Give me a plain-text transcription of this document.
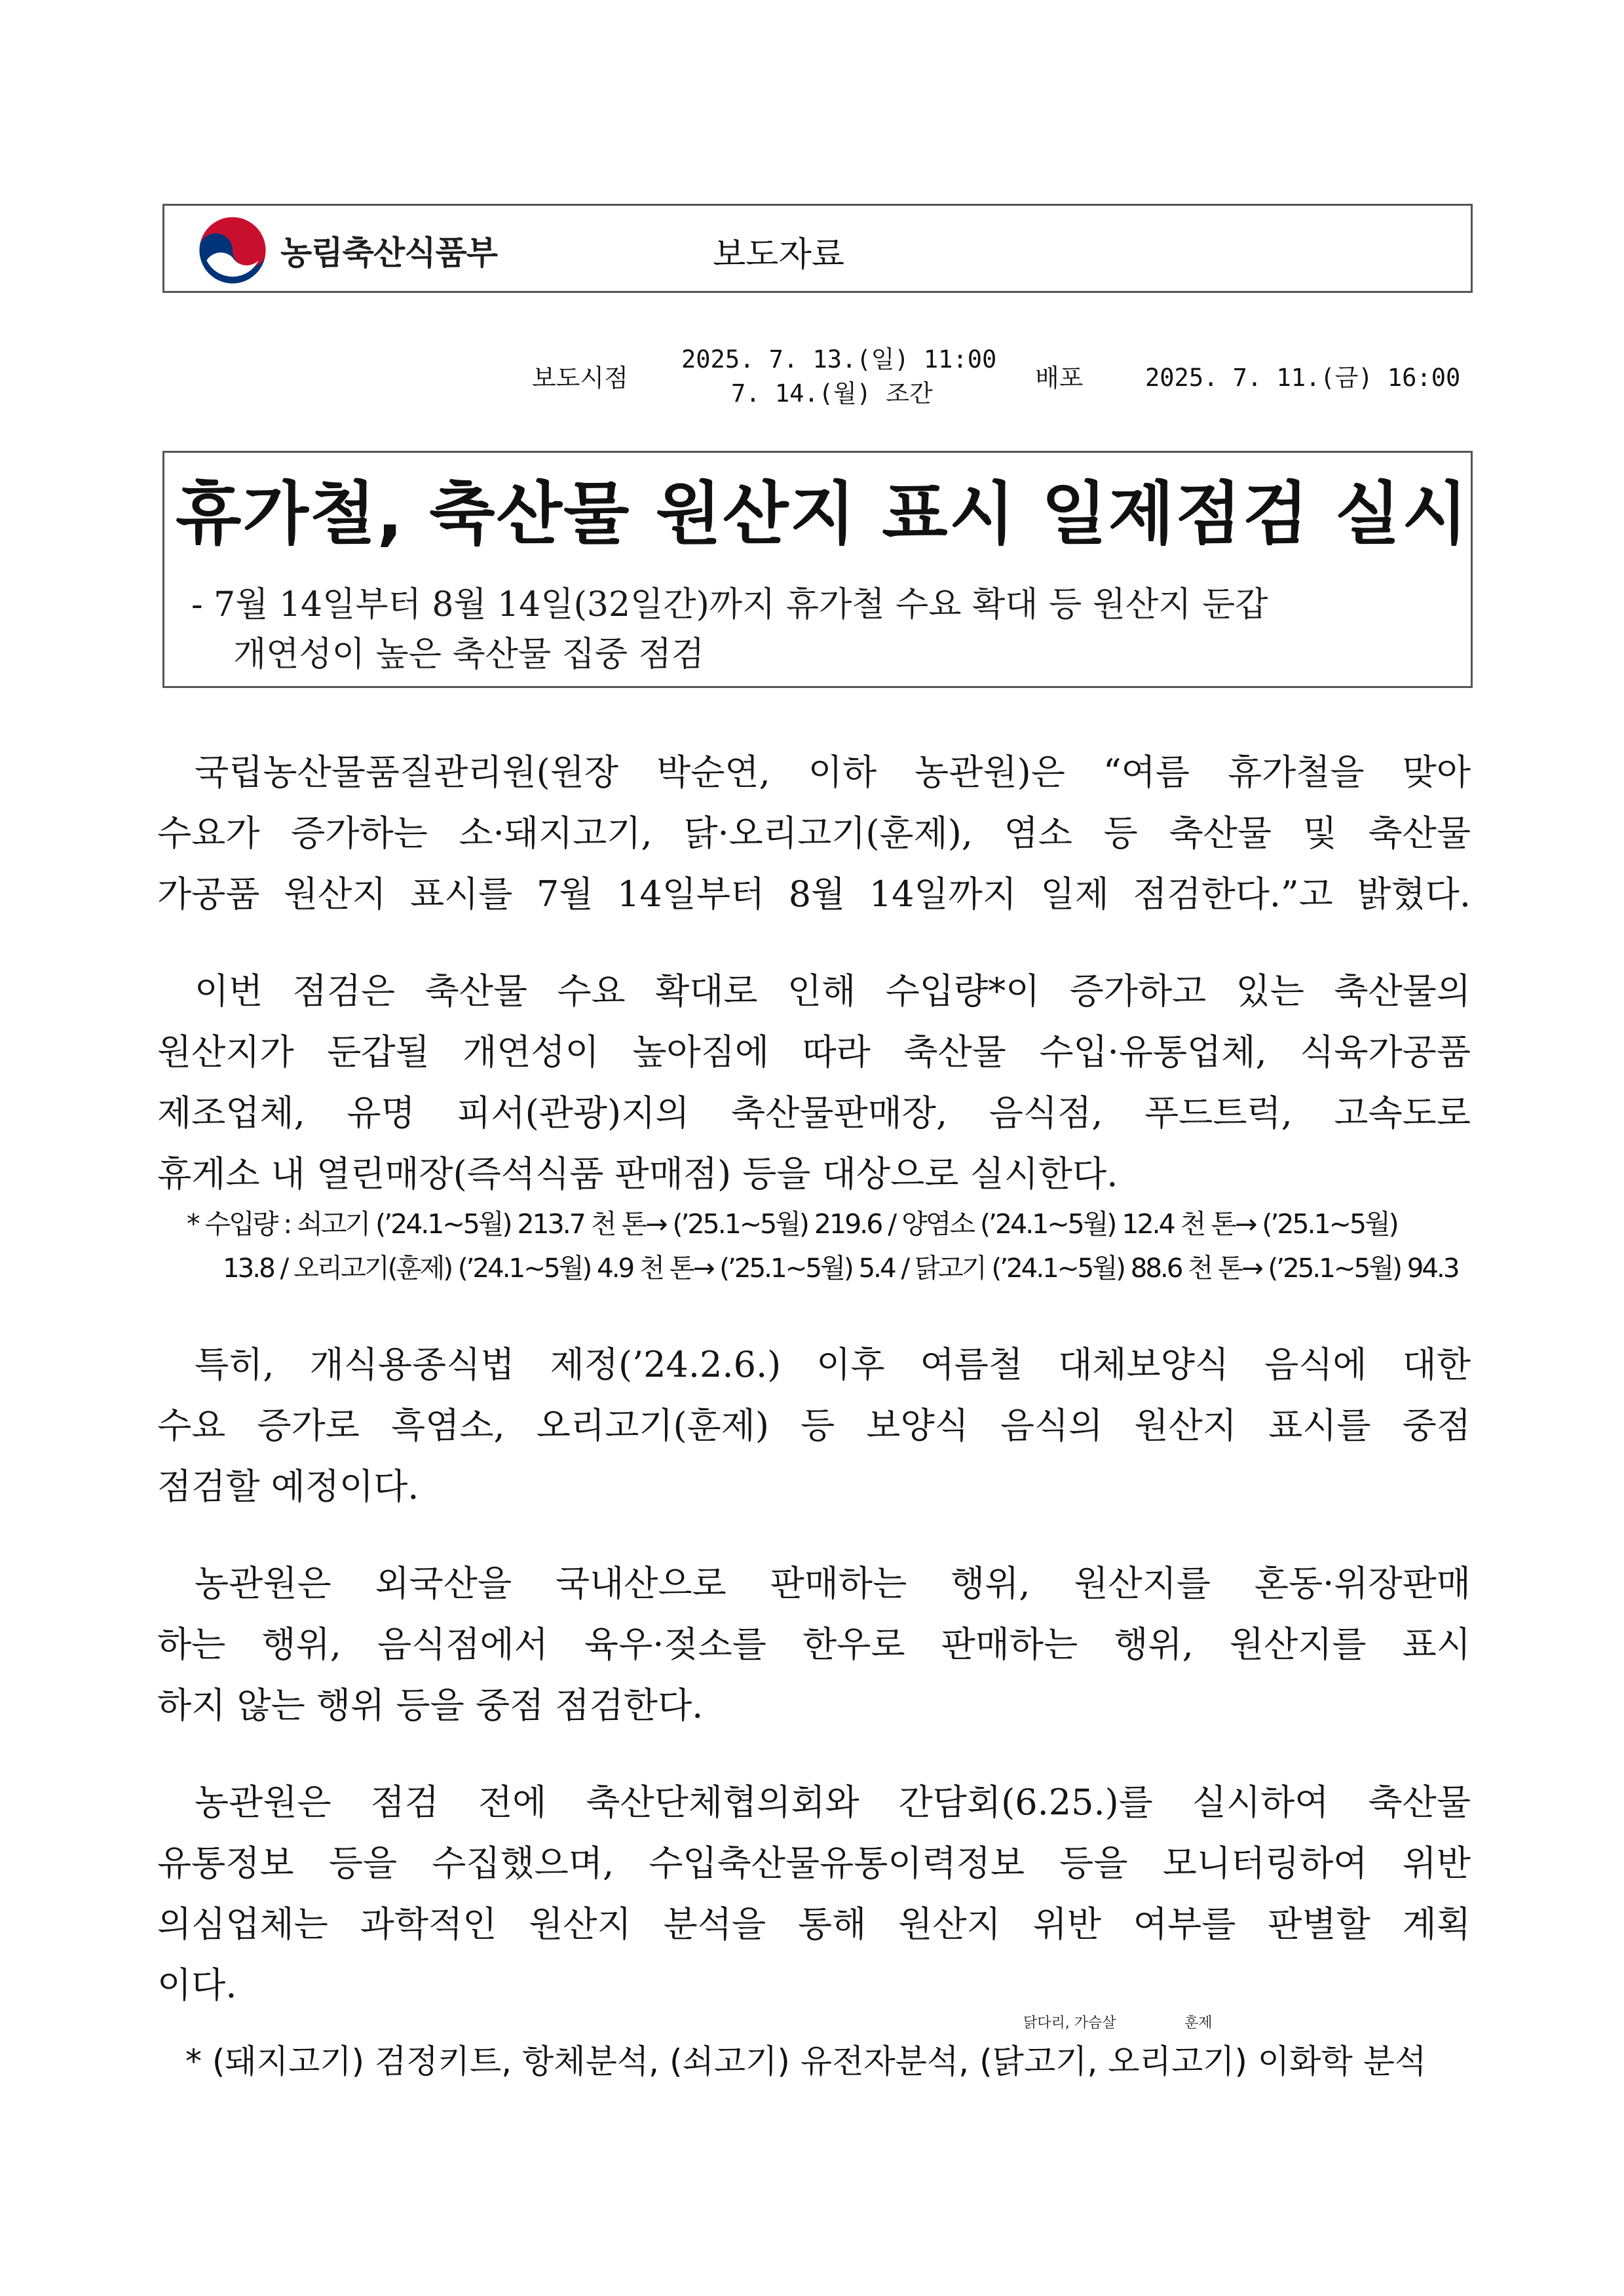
농림축산식품부	보도자료
보도시점
2025. 7. 13.(일) 11:00
7. 14.(월) 조간
배포	2025. 7. 11.(금) 16:00
휴가철, 축산물 원산지 표시 일제점검 실시
- 7월 14일부터 8월 14일(32일간)까지 휴가철 수요 확대 등 원산지 둔갑
개연성이 높은 축산물 집중 점검
국립농산물품질관리원(원장 박순연, 이하 농관원)은 “여름 휴가철을 맞아
수요가 증가하는 소·돼지고기, 닭·오리고기(훈제), 염소 등 축산물 및 축산물
가공품 원산지 표시를 7월 14일부터 8월 14일까지 일제 점검한다.”고 밝혔다.
이번 점검은 축산물 수요 확대로 인해 수입량*이 증가하고 있는 축산물의
원산지가 둔갑될 개연성이 높아짐에 따라 축산물 수입·유통업체, 식육가공품
제조업체, 유명 피서(관광)지의 축산물판매장, 음식점, 푸드트럭, 고속도로
휴게소 내 열린매장(즉석식품 판매점) 등을 대상으로 실시한다.
* 수입량 : 쇠고기 (’24.1~5월) 213.7 천 톤→ (’25.1~5월) 219.6 / 양염소 (’24.1~5월) 12.4 천 톤→ (’25.1~5월)
13.8 / 오리고기(훈제) (’24.1~5월) 4.9 천 톤→ (’25.1~5월) 5.4 / 닭고기 (’24.1~5월) 88.6 천 톤→ (’25.1~5월) 94.3
특히, 개식용종식법 제정(’24.2.6.) 이후 여름철 대체보양식 음식에 대한
수요 증가로 흑염소, 오리고기(훈제) 등 보양식 음식의 원산지 표시를 중점
점검할 예정이다.
농관원은 외국산을 국내산으로 판매하는 행위, 원산지를 혼동·위장판매
하는 행위, 음식점에서 육우·젖소를 한우로 판매하는 행위, 원산지를 표시
하지 않는 행위 등을 중점 점검한다.
농관원은 점검 전에 축산단체협의회와 간담회(6.25.)를 실시하여 축산물
유통정보 등을 수집했으며, 수입축산물유통이력정보 등을 모니터링하여 위반
의심업체는 과학적인 원산지 분석을 통해 원산지 위반 여부를 판별할 계획
이다.
닭다리, 가슴살	훈제
* (돼지고기) 검정키트, 항체분석, (쇠고기) 유전자분석, (닭고기, 오리고기) 이화학 분석
